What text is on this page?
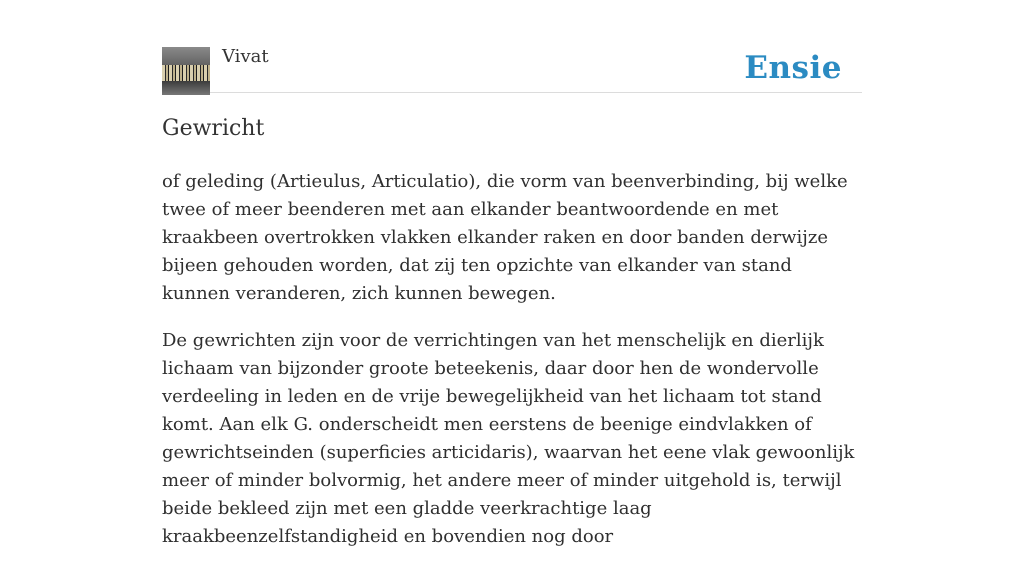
Vivat	Ensie
Gewricht

of geleding (Artieulus, Articulatio), die vorm van beenverbinding, bij welke twee of meer beenderen met aan elkander beantwoordende en met kraakbeen overtrokken vlakken elkander raken en door banden derwijze bijeen gehouden worden, dat zij ten opzichte van elkander van stand kunnen veranderen, zich kunnen bewegen.

De gewrichten zijn voor de verrichtingen van het menschelijk en dierlijk lichaam van bijzonder groote beteekenis, daar door hen de wondervolle verdeeling in leden en de vrije bewegelijkheid van het lichaam tot stand komt. Aan elk G. onderscheidt men eerstens de beenige eindvlakken of gewrichtseinden (superficies articidaris), waarvan het eene vlak gewoonlijk meer of minder bolvormig, het andere meer of minder uitgehold is, terwijl beide bekleed zijn met een gladde veerkrachtige laag kraakbeenzelfstandigheid en bovendien nog door
